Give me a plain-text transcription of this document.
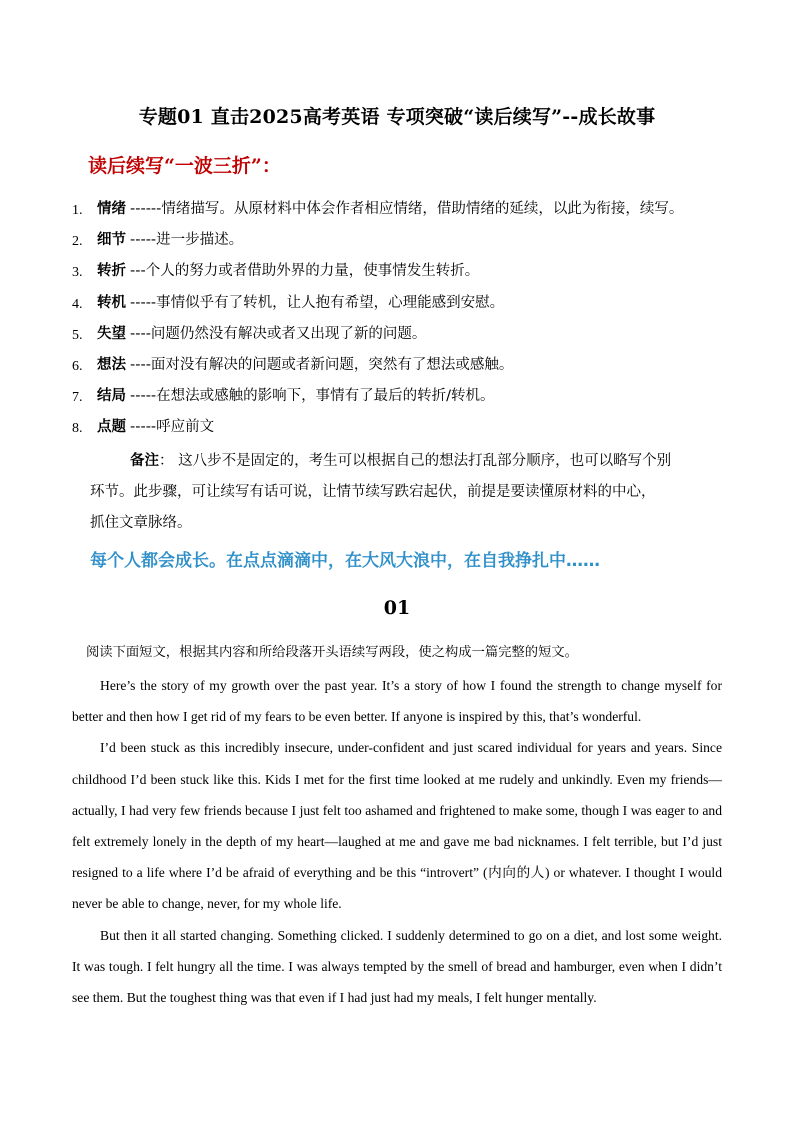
专题01 直击2025高考英语 专项突破“读后续写”--成长故事
读后续写“一波三折”：
1.	情绪 ------情绪描写。从原材料中体会作者相应情绪，借助情绪的延续，以此为衔接，续写。
2.	细节 -----进一步描述。
3.	转折 ---个人的努力或者借助外界的力量，使事情发生转折。
4.	转机 -----事情似乎有了转机，让人抱有希望，心理能感到安慰。
5.	失望 ----问题仍然没有解决或者又出现了新的问题。
6.	想法 ----面对没有解决的问题或者新问题，突然有了想法或感触。
7.	结局 -----在想法或感触的影响下，事情有了最后的转折/转机。
8.	点题 -----呼应前文
备注： 这八步不是固定的，考生可以根据自己的想法打乱部分顺序，也可以略写个别
环节。此步骤，可让续写有话可说，让情节续写跌宕起伏，前提是要读懂原材料的中心，
抓住文章脉络。
每个人都会成长。在点点滴滴中，在大风大浪中，在自我挣扎中……
01
阅读下面短文，根据其内容和所给段落开头语续写两段，使之构成一篇完整的短文。

Here’s the story of my growth over the past year. It’s a story of how I found the strength to change myself for better and then how I get rid of my fears to be even better. If anyone is inspired by this, that’s wonderful.

I’d been stuck as this incredibly insecure, under-confident and just scared individual for years and years. Since childhood I’d been stuck like this. Kids I met for the first time looked at me rudely and unkindly. Even my friends—actually, I had very few friends because I just felt too ashamed and frightened to make some, though I was eager to and felt extremely lonely in the depth of my heart—laughed at me and gave me bad nicknames. I felt terrible, but I’d just resigned to a life where I’d be afraid of everything and be this “introvert” (内向的人) or whatever. I thought I would never be able to change, never, for my whole life.

But then it all started changing. Something clicked. I suddenly determined to go on a diet, and lost some weight. It was tough. I felt hungry all the time. I was always tempted by the smell of bread and hamburger, even when I didn’t see them. But the toughest thing was that even if I had just had my meals, I felt hunger mentally.
